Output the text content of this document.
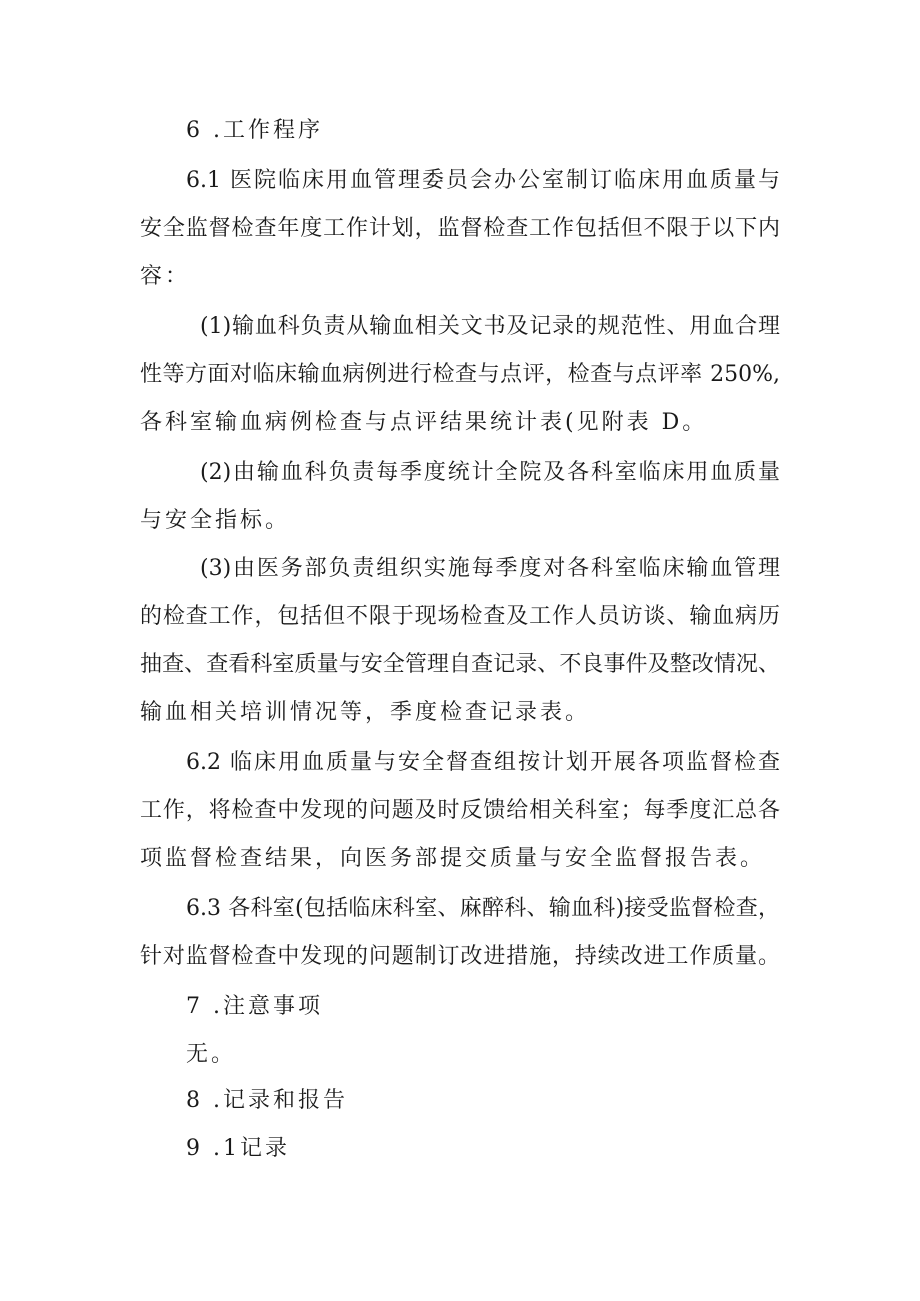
6 .工作程序
6.1 医院临床用血管理委员会办公室制订临床用血质量与
安全监督检查年度工作计划，监督检查工作包括但不限于以下内
容：
(1)输血科负责从输血相关文书及记录的规范性、用血合理
性等方面对临床输血病例进行检查与点评，检查与点评率 250%,
各科室输血病例检查与点评结果统计表(见附表 D。
(2)由输血科负责每季度统计全院及各科室临床用血质量
与安全指标。
(3)由医务部负责组织实施每季度对各科室临床输血管理
的检查工作，包括但不限于现场检查及工作人员访谈、输血病历
抽查、查看科室质量与安全管理自查记录、不良事件及整改情况、
输血相关培训情况等，季度检查记录表。
6.2 临床用血质量与安全督查组按计划开展各项监督检查
工作，将检查中发现的问题及时反馈给相关科室；每季度汇总各
项监督检查结果，向医务部提交质量与安全监督报告表。
6.3 各科室(包括临床科室、麻醉科、输血科)接受监督检查，
针对监督检查中发现的问题制订改进措施，持续改进工作质量。
7 .注意事项
无。
8 .记录和报告
9 .1记录
